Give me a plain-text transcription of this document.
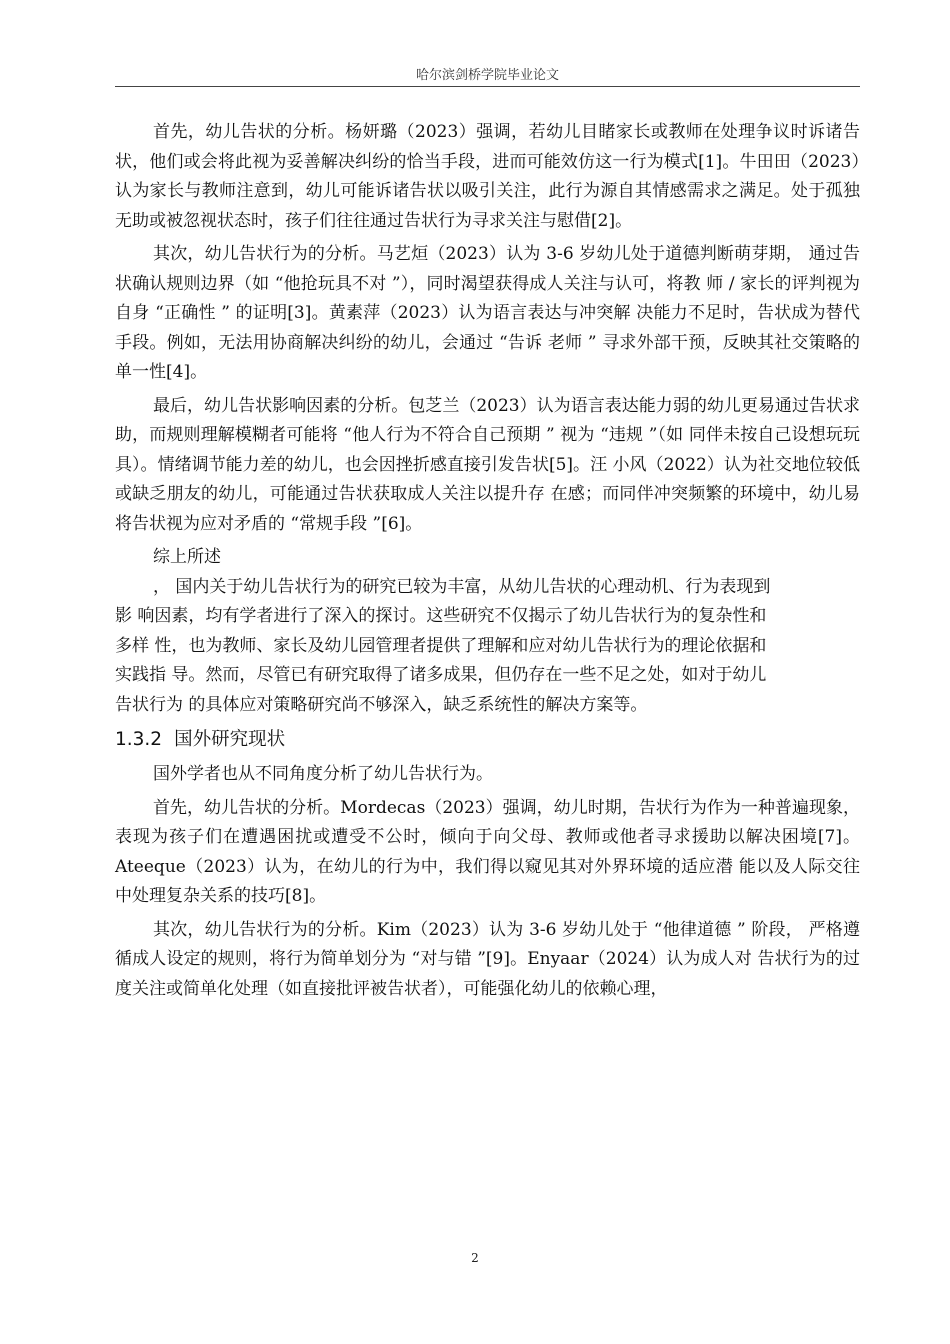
哈尔滨剑桥学院毕业论文

首先，幼儿告状的分析。杨妍璐（2023）强调，若幼儿目睹家长或教师在处理争议时诉诸告状，他们或会将此视为妥善解决纠纷的恰当手段，进而可能效仿这一行为模式[1]。牛田田（2023）认为家长与教师注意到，幼儿可能诉诸告状以吸引关注，此行为源自其情感需求之满足。处于孤独无助或被忽视状态时，孩子们往往通过告状行为寻求关注与慰借[2]。

其次，幼儿告状行为的分析。马艺烜（2023）认为 3-6 岁幼儿处于道德判断萌芽期， 通过告状确认规则边界（如 “他抢玩具不对 ”），同时渴望获得成人关注与认可，将教 师 / 家长的评判视为自身 “正确性 ” 的证明[3]。黄素萍（2023）认为语言表达与冲突解 决能力不足时，告状成为替代手段。例如，无法用协商解决纠纷的幼儿，会通过 “告诉 老师 ” 寻求外部干预，反映其社交策略的单一性[4]。

最后，幼儿告状影响因素的分析。包芝兰（2023）认为语言表达能力弱的幼儿更易通过告状求助，而规则理解模糊者可能将 “他人行为不符合自己预期 ” 视为 “违规 ”（如 同伴未按自己设想玩玩具）。情绪调节能力差的幼儿，也会因挫折感直接引发告状[5]。汪 小风（2022）认为社交地位较低或缺乏朋友的幼儿，可能通过告状获取成人关注以提升存 在感；而同伴冲突频繁的环境中，幼儿易将告状视为应对矛盾的 “常规手段 ”[6]。

综上所述

， 国内关于幼儿告状行为的研究已较为丰富，从幼儿告状的心理动机、行为表现到

影 响因素，均有学者进行了深入的探讨。这些研究不仅揭示了幼儿告状行为的复杂性和

多样 性，也为教师、家长及幼儿园管理者提供了理解和应对幼儿告状行为的理论依据和

实践指 导。然而，尽管已有研究取得了诸多成果，但仍存在一些不足之处，如对于幼儿

告状行为 的具体应对策略研究尚不够深入，缺乏系统性的解决方案等。

1.3.2 国外研究现状

国外学者也从不同角度分析了幼儿告状行为。

首先，幼儿告状的分析。Mordecas（2023）强调，幼儿时期，告状行为作为一种普遍现象，表现为孩子们在遭遇困扰或遭受不公时，倾向于向父母、教师或他者寻求援助以解决困境[7]。Ateeque（2023）认为，在幼儿的行为中，我们得以窥见其对外界环境的适应潜 能以及人际交往中处理复杂关系的技巧[8]。

其次，幼儿告状行为的分析。Kim（2023）认为 3-6 岁幼儿处于 “他律道德 ” 阶段， 严格遵循成人设定的规则，将行为简单划分为 “对与错 ”[9]。Enyaar（2024）认为成人对 告状行为的过度关注或简单化处理（如直接批评被告状者），可能强化幼儿的依赖心理，

2
